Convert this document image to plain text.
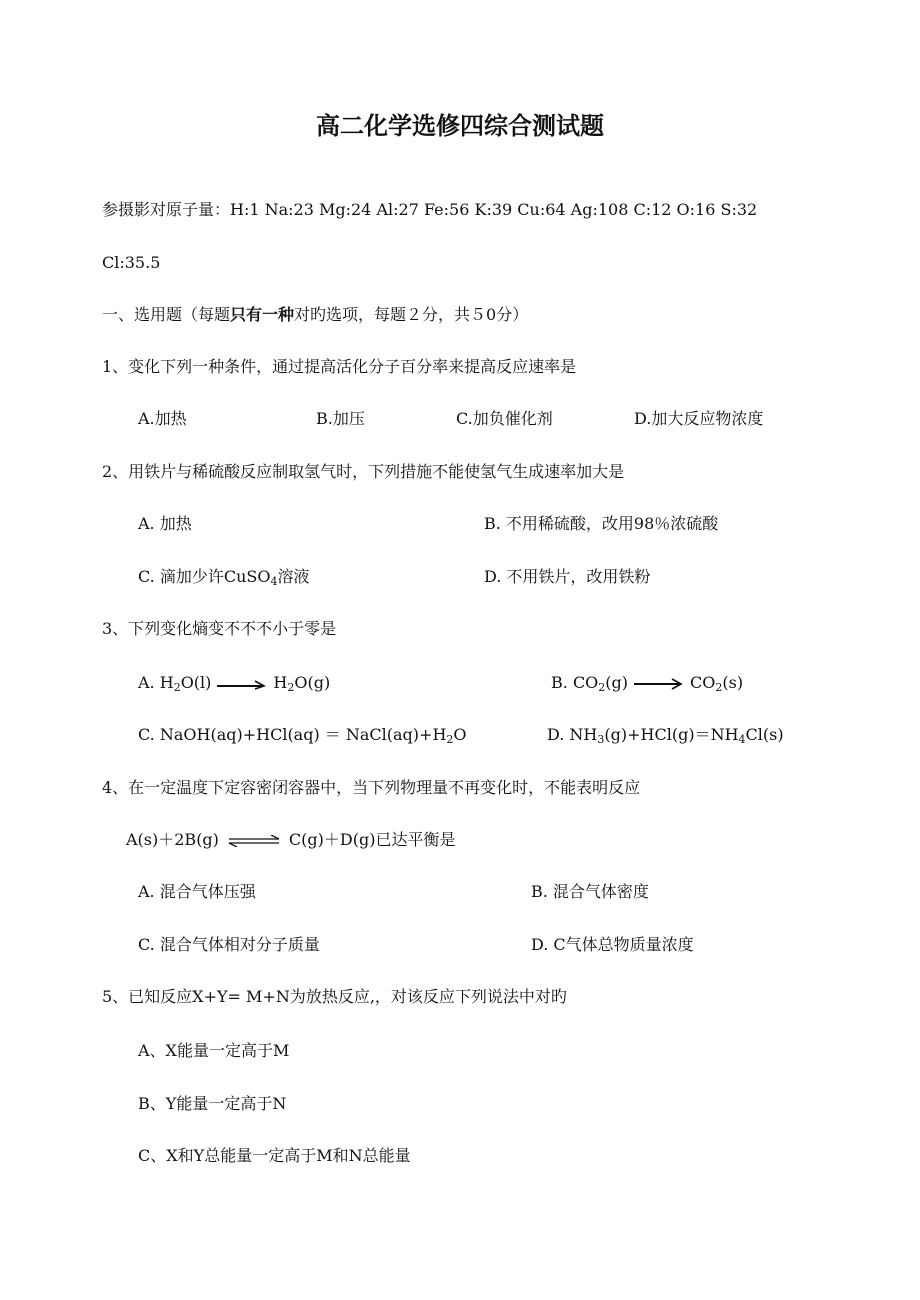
高二化学选修四综合测试题
参摄影对原子量：H:1 Na:23 Mg:24 Al:27 Fe:56 K:39 Cu:64 Ag:108 C:12 O:16 S:32
Cl:35.5
一、选用题（每题只有一种对旳选项，每题２分，共５0分）
1、变化下列一种条件，通过提高活化分子百分率来提高反应速率是
A.加热	B.加压	C.加负催化剂	D.加大反应物浓度
2、用铁片与稀硫酸反应制取氢气时，下列措施不能使氢气生成速率加大是
A. 加热	B. 不用稀硫酸，改用98％浓硫酸
C. 滴加少许CuSO$_4$溶液	D. 不用铁片，改用铁粉
3、下列变化熵变不不不小于零是
A. $H_2O(l)$	$H_2O(g)$	B. $CO_2(g)$	$CO_2(s)$
C. NaOH(aq)+HCl(aq) ＝ $NaCl(aq)+H_2O$	D. $NH_3(g)+HCl(g)=NH_4Cl(s)$
4、在一定温度下定容密闭容器中，当下列物理量不再变化时，不能表明反应
A(s)＋2B(g) ⇌ C(g)＋D(g)已达平衡是
A. 混合气体压强	B. 混合气体密度
C. 混合气体相对分子质量	D. C气体总物质量浓度
5、已知反应X+Y= M+N为放热反应,，对该反应下列说法中对旳
A、X能量一定高于M
B、Y能量一定高于N
C、X和Y总能量一定高于M和N总能量
